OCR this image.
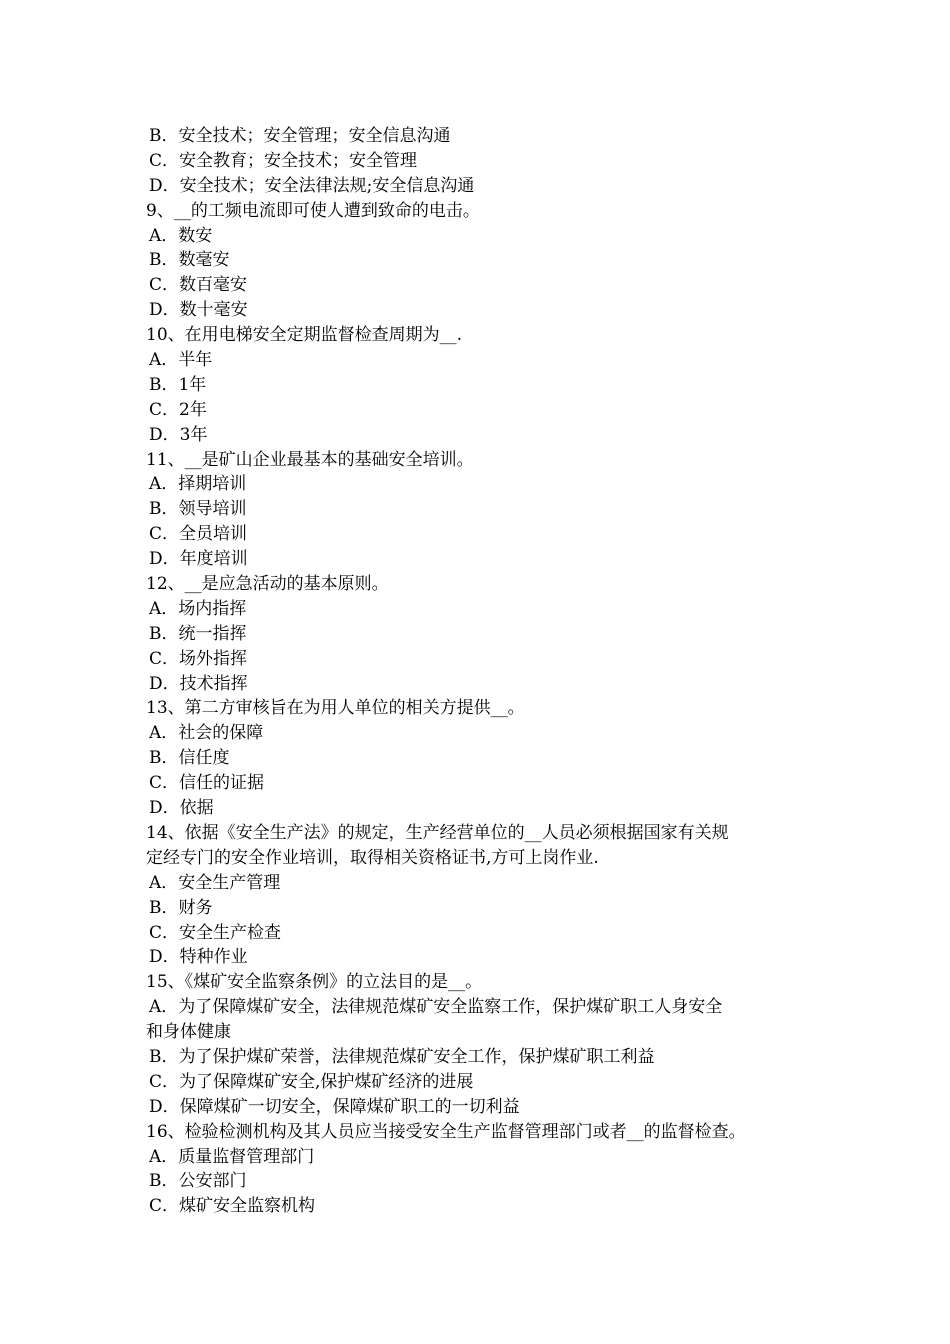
B．安全技术；安全管理；安全信息沟通
C．安全教育；安全技术；安全管理
D．安全技术；安全法律法规;安全信息沟通
9、__的工频电流即可使人遭到致命的电击。
A．数安
B．数毫安
C．数百毫安
D．数十毫安
10、在用电梯安全定期监督检查周期为__.
A．半年
B．1年
C．2年
D．3年
11、__是矿山企业最基本的基础安全培训。
A．择期培训
B．领导培训
C．全员培训
D．年度培训
12、__是应急活动的基本原则。
A．场内指挥
B．统一指挥
C．场外指挥
D．技术指挥
13、第二方审核旨在为用人单位的相关方提供__。
A．社会的保障
B．信任度
C．信任的证据
D．依据
14、依据《安全生产法》的规定，生产经营单位的__人员必须根据国家有关规
定经专门的安全作业培训，取得相关资格证书,方可上岗作业.
A．安全生产管理
B．财务
C．安全生产检查
D．特种作业
15、《煤矿安全监察条例》的立法目的是__。
A．为了保障煤矿安全，法律规范煤矿安全监察工作，保护煤矿职工人身安全
和身体健康
B．为了保护煤矿荣誉，法律规范煤矿安全工作，保护煤矿职工利益
C．为了保障煤矿安全,保护煤矿经济的进展
D．保障煤矿一切安全，保障煤矿职工的一切利益
16、检验检测机构及其人员应当接受安全生产监督管理部门或者__的监督检查。
A．质量监督管理部门
B．公安部门
C．煤矿安全监察机构
